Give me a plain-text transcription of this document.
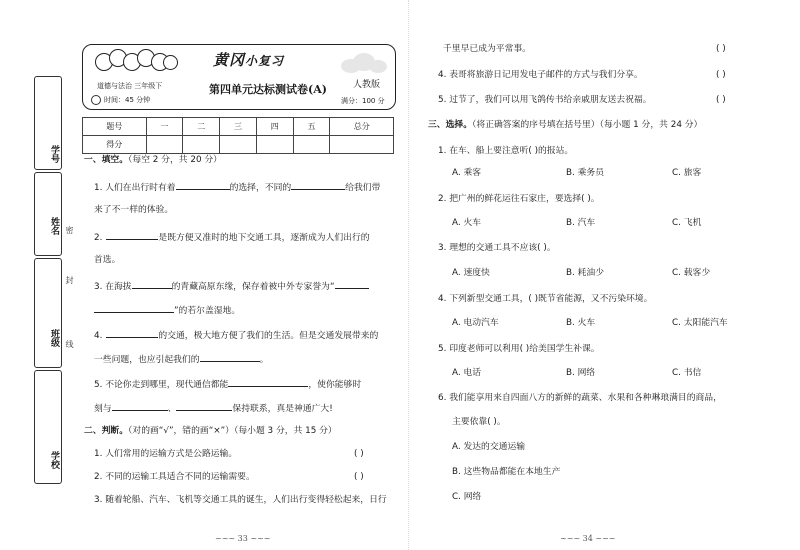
学号
姓名
班级
学校
密
封
线
黄冈小复习
道德与法治 三年级下
时间：45 分钟
第四单元达标测试卷(A)	人教版
满分：100 分
题号	一	二	三	四	五	总分
得分						
一、填空。（每空 2 分，共 20 分）
1. 人们在出行时有着	的选择，不同的	给我们带
来了不一样的体验。
2.	是既方便又准时的地下交通工具，逐渐成为人们出行的
首选。
3. 在海拔	的青藏高原东缘，保存着被中外专家誉为“
”的若尔盖湿地。
4.	的交通，极大地方便了我们的生活。但是交通发展带来的
一些问题，也应引起我们的	。
5. 不论你走到哪里，现代通信都能	，使你能够时
刻与	、	保持联系，真是神通广大!
二、判断。（对的画“√”，错的画“×”）（每小题 3 分，共 15 分）
1. 人们常用的运输方式是公路运输。	( )
2. 不同的运输工具适合不同的运输需要。	( )
3. 随着轮船、汽车、飞机等交通工具的诞生，人们出行变得轻松起来，日行
~~~ 33 ~~~
千里早已成为平常事。	( )
4. 表哥将旅游日记用发电子邮件的方式与我们分享。	( )
5. 过节了，我们可以用飞鸽传书给亲戚朋友送去祝福。	( )
三、选择。（将正确答案的序号填在括号里）（每小题 1 分，共 24 分）
1. 在车、船上要注意听( )的报站。
A. 乘客	B. 乘务员	C. 旅客
2. 把广州的鲜花运往石家庄，要选择( )。
A. 火车	B. 汽车	C. 飞机
3. 理想的交通工具不应该( )。
A. 速度快	B. 耗油少	C. 载客少
4. 下列新型交通工具，( )既节省能源，又不污染环境。
A. 电动汽车	B. 火车	C. 太阳能汽车
5. 印度老师可以利用( )给美国学生补课。
A. 电话	B. 网络	C. 书信
6. 我们能享用来自四面八方的新鲜的蔬菜、水果和各种琳琅满目的商品，
主要依靠( )。
A. 发达的交通运输
B. 这些物品都能在本地生产
C. 网络
~~~ 34 ~~~
